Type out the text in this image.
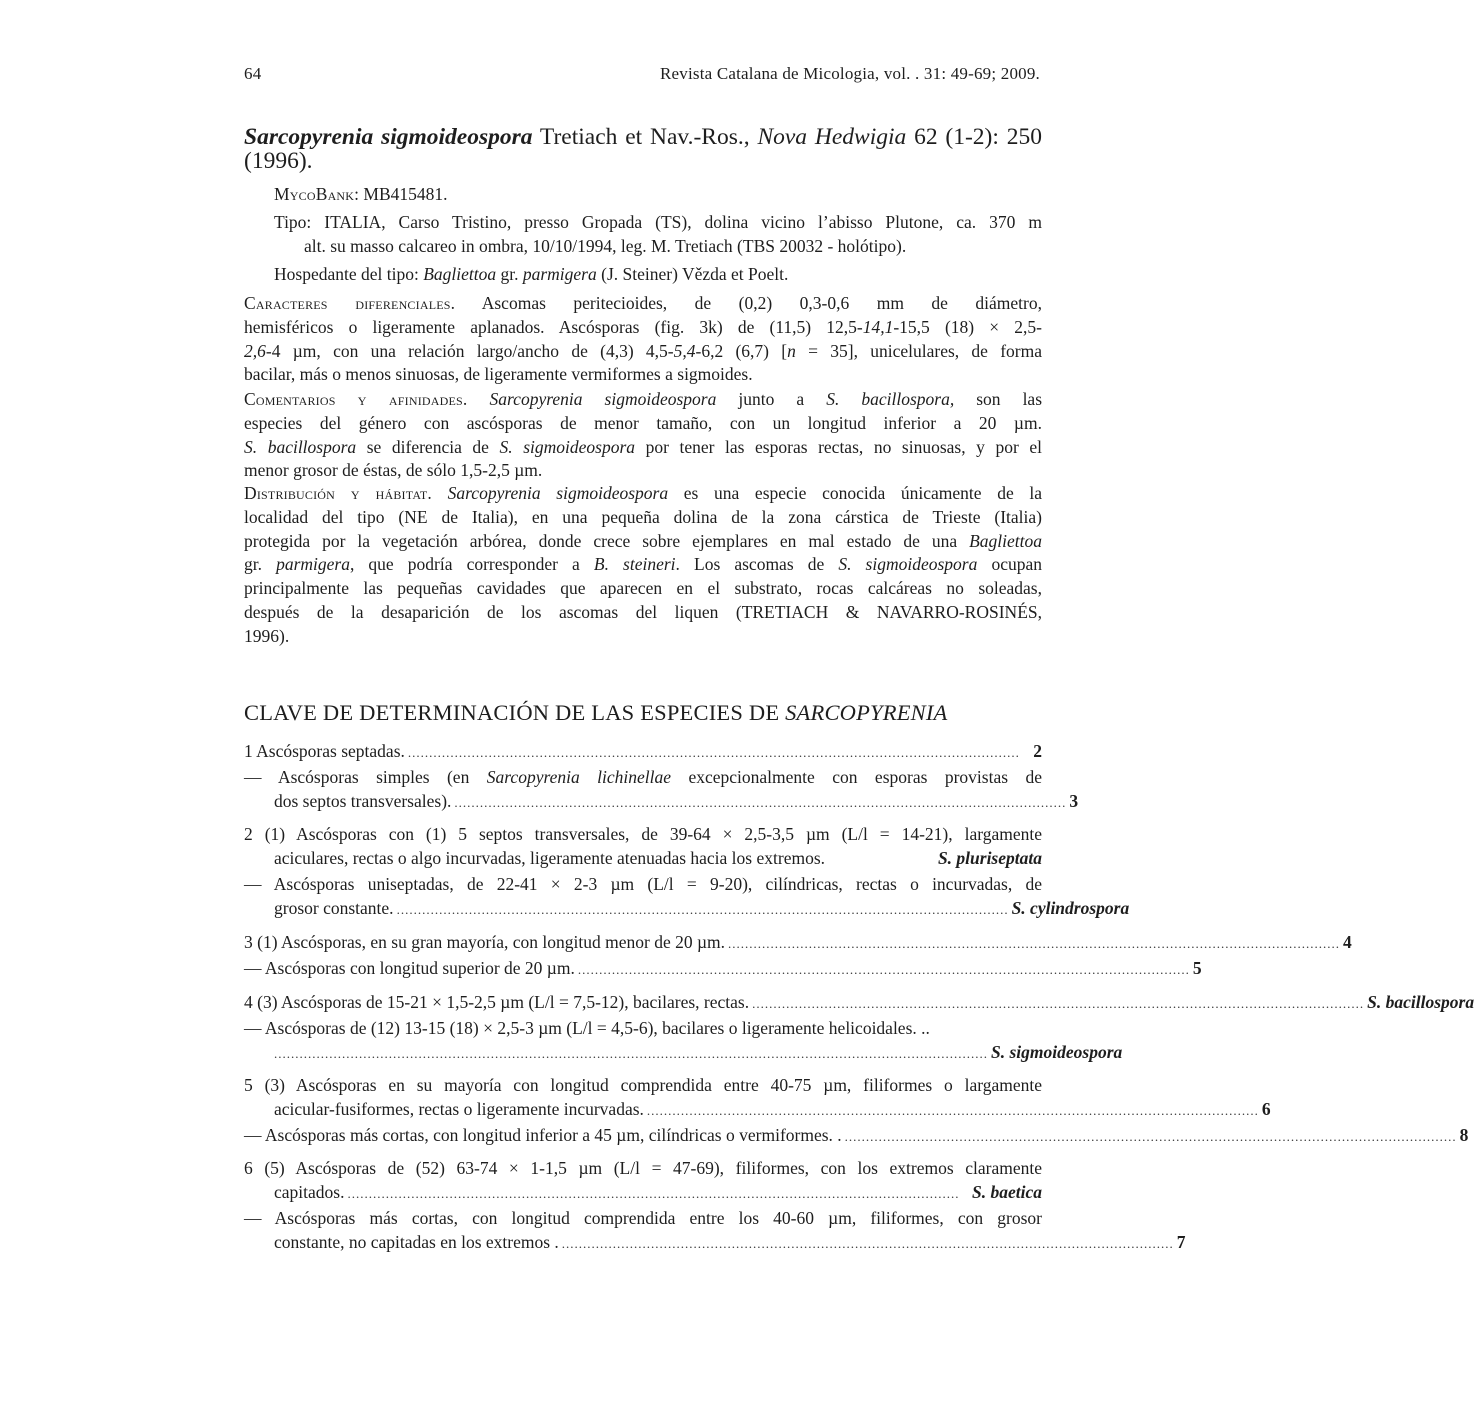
64	Revista Catalana de Micologia, vol. . 31: 49-69; 2009.

Sarcopyrenia sigmoideospora Tretiach et Nav.-Ros., Nova Hedwigia 62 (1-2): 250

(1996).

MycoBank: MB415481.

Tipo: ITALIA, Carso Tristino, presso Gropada (TS), dolina vicino l’abisso Plutone, ca. 370 m

alt. su masso calcareo in ombra, 10/10/1994, leg. M. Tretiach (TBS 20032 - holótipo).

Hospedante del tipo: Bagliettoa gr. parmigera (J. Steiner) Vězda et Poelt.

Caracteres diferenciales. Ascomas peritecioides, de (0,2) 0,3-0,6 mm de diámetro,

hemisféricos o ligeramente aplanados. Ascósporas (fig. 3k) de (11,5) 12,5-14,1-15,5 (18) × 2,5-

2,6-4 µm, con una relación largo/ancho de (4,3) 4,5-5,4-6,2 (6,7) [n = 35], unicelulares, de forma

bacilar, más o menos sinuosas, de ligeramente vermiformes a sigmoides.

Comentarios y afinidades. Sarcopyrenia sigmoideospora junto a S. bacillospora, son las

especies del género con ascósporas de menor tamaño, con un longitud inferior a 20 µm.

S. bacillospora se diferencia de S. sigmoideospora por tener las esporas rectas, no sinuosas, y por el

menor grosor de éstas, de sólo 1,5-2,5 µm.

Distribución y hábitat. Sarcopyrenia sigmoideospora es una especie conocida únicamente de la

localidad del tipo (NE de Italia), en una pequeña dolina de la zona cárstica de Trieste (Italia)

protegida por la vegetación arbórea, donde crece sobre ejemplares en mal estado de una Bagliettoa

gr. parmigera, que podría corresponder a B. steineri. Los ascomas de S. sigmoideospora ocupan

principalmente las pequeñas cavidades que aparecen en el substrato, rocas calcáreas no soleadas,

después de la desaparición de los ascomas del liquen (TRETIACH & NAVARRO-ROSINÉS,

1996).

CLAVE DE DETERMINACIÓN DE LAS ESPECIES DE SARCOPYRENIA
1 Ascósporas septadas. ................................................................................................................................................ 2

— Ascósporas simples (en Sarcopyrenia lichinellae excepcionalmente con esporas provistas de

dos septos transversales). ................................................................................................................................................ 3

2 (1) Ascósporas con (1) 5 septos transversales, de 39-64 × 2,5-3,5 µm (L/l = 14-21), largamente

aciculares, rectas o algo incurvadas, ligeramente atenuadas hacia los extremos.	S. pluriseptata

— Ascósporas uniseptadas, de 22-41 × 2-3 µm (L/l = 9-20), cilíndricas, rectas o incurvadas, de

grosor constante. ................................................................................................................................................ S. cylindrospora
3 (1) Ascósporas, en su gran mayoría, con longitud menor de 20 µm. ................................................................................................................................................ 4
— Ascósporas con longitud superior de 20 µm. ................................................................................................................................................ 5
4 (3) Ascósporas de 15-21 × 1,5-2,5 µm (L/l = 7,5-12), bacilares, rectas. ................................................................................................................................................ S. bacillospora

— Ascósporas de (12) 13-15 (18) × 2,5-3 µm (L/l = 4,5-6), bacilares o ligeramente helicoidales. ..

........................................................................................................................................................................ S. sigmoideospora

5 (3) Ascósporas en su mayoría con longitud comprendida entre 40-75 µm, filiformes o largamente

acicular-fusiformes, rectas o ligeramente incurvadas. ................................................................................................................................................ 6
— Ascósporas más cortas, con longitud inferior a 45 µm, cilíndricas o vermiformes. . ................................................................................................................................................ 8

6 (5) Ascósporas de (52) 63-74 × 1-1,5 µm (L/l = 47-69), filiformes, con los extremos claramente

capitados. ................................................................................................................................................ S. baetica

— Ascósporas más cortas, con longitud comprendida entre los 40-60 µm, filiformes, con grosor

constante, no capitadas en los extremos . ................................................................................................................................................ 7
